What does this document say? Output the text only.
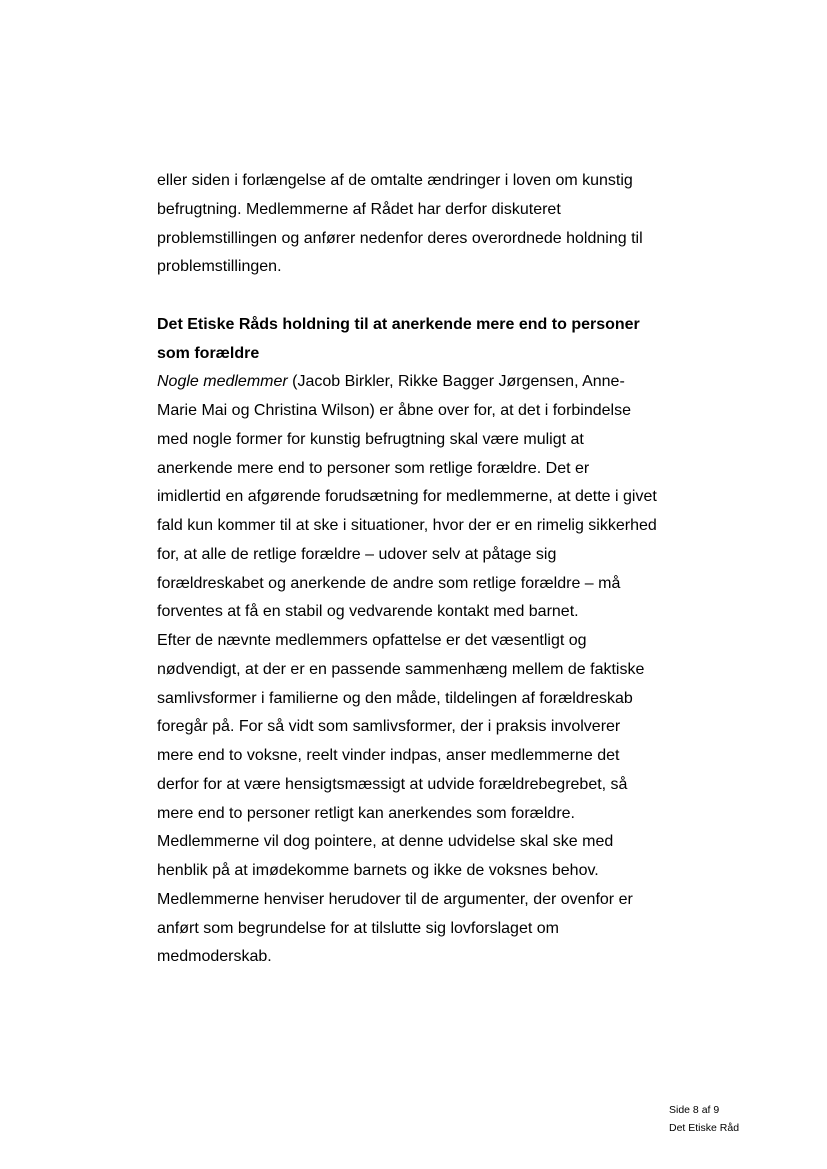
eller siden i forlængelse af de omtalte ændringer i loven om kunstig befrugtning. Medlemmerne af Rådet har derfor diskuteret problemstillingen og anfører nedenfor deres overordnede holdning til problemstillingen.

Det Etiske Råds holdning til at anerkende mere end to personer som forældre

Nogle medlemmer (Jacob Birkler, Rikke Bagger Jørgensen, Anne-Marie Mai og Christina Wilson) er åbne over for, at det i forbindelse med nogle former for kunstig befrugtning skal være muligt at anerkende mere end to personer som retlige forældre. Det er imidlertid en afgørende forudsætning for medlemmerne, at dette i givet fald kun kommer til at ske i situationer, hvor der er en rimelig sikkerhed for, at alle de retlige forældre – udover selv at påtage sig forældreskabet og anerkende de andre som retlige forældre – må forventes at få en stabil og vedvarende kontakt med barnet.

Efter de nævnte medlemmers opfattelse er det væsentligt og nødvendigt, at der er en passende sammenhæng mellem de faktiske samlivsformer i familierne og den måde, tildelingen af forældreskab foregår på. For så vidt som samlivsformer, der i praksis involverer mere end to voksne, reelt vinder indpas, anser medlemmerne det derfor for at være hensigtsmæssigt at udvide forældrebegrebet, så mere end to personer retligt kan anerkendes som forældre. Medlemmerne vil dog pointere, at denne udvidelse skal ske med henblik på at imødekomme barnets og ikke de voksnes behov. Medlemmerne henviser herudover til de argumenter, der ovenfor er anført som begrundelse for at tilslutte sig lovforslaget om medmoderskab.

Side 8 af 9
Det Etiske Råd
